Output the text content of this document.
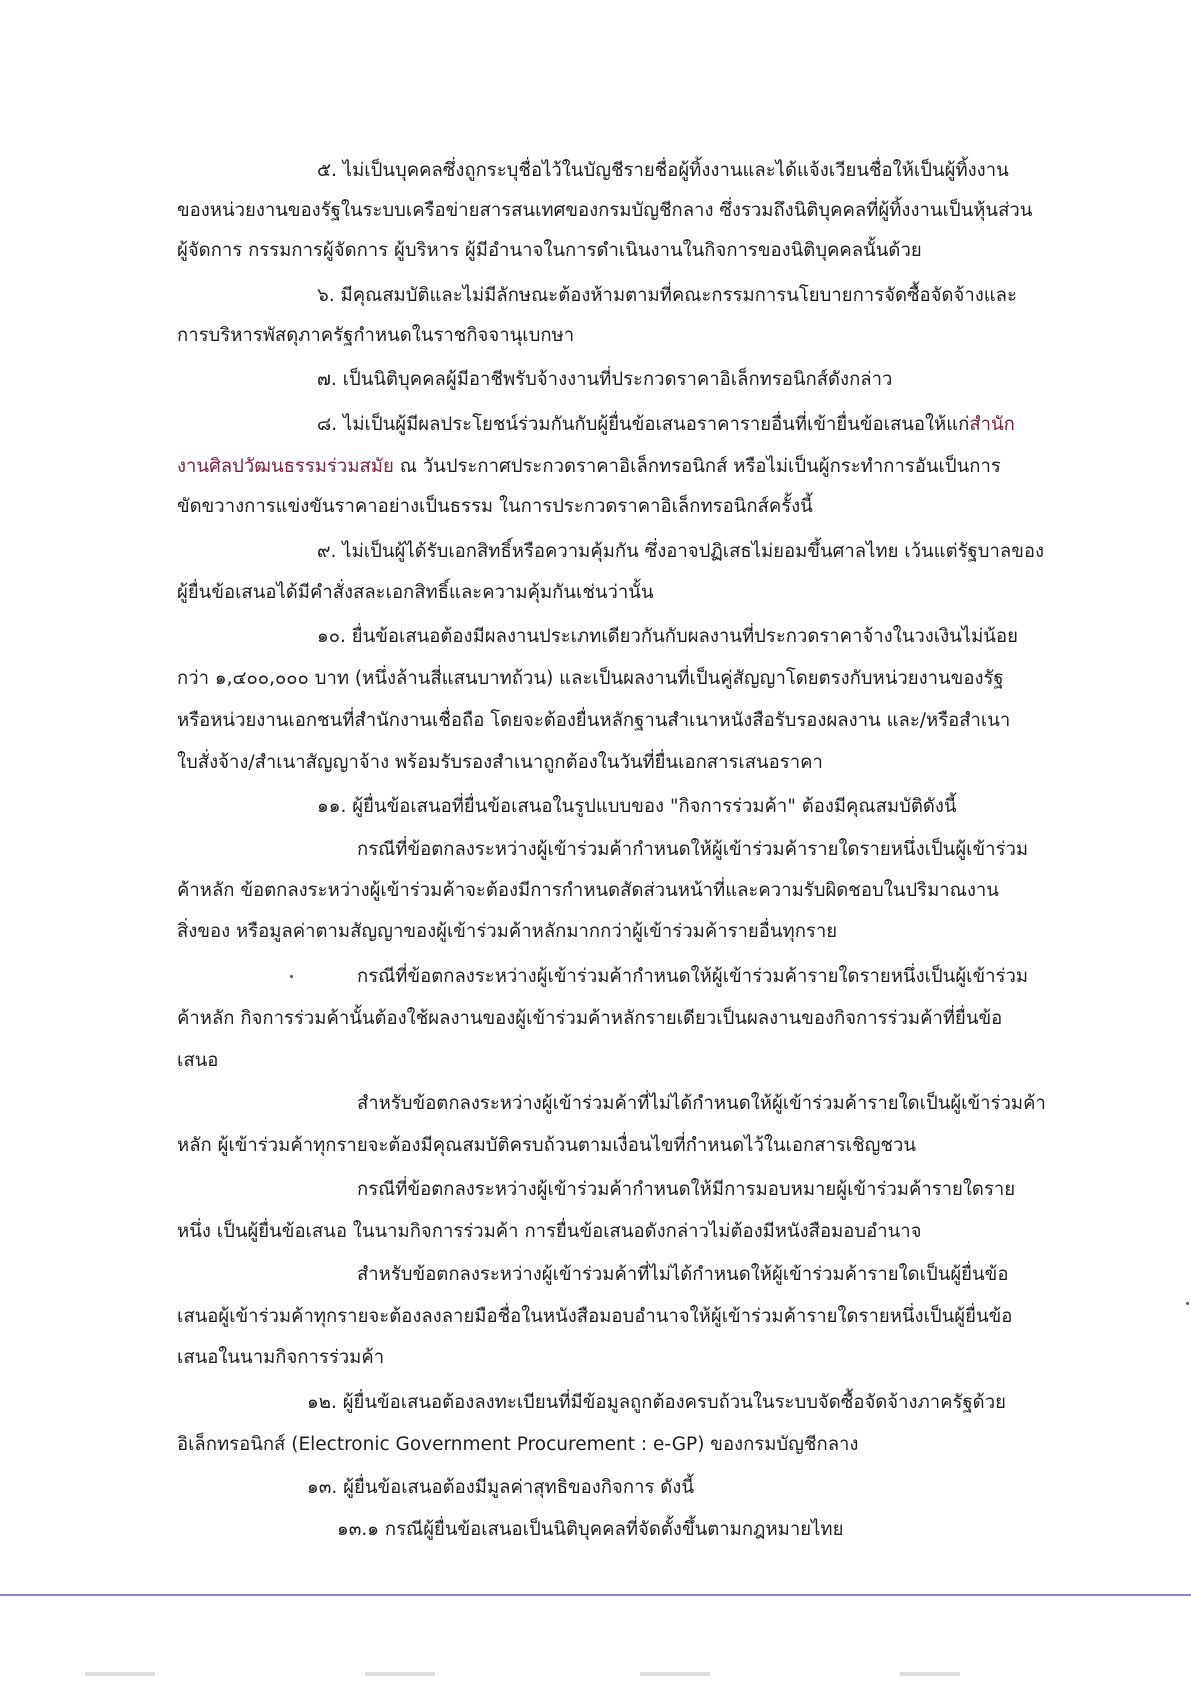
๕. ไม่เป็นบุคคลซึ่งถูกระบุชื่อไว้ในบัญชีรายชื่อผู้ทิ้งงานและได้แจ้งเวียนชื่อให้เป็นผู้ทิ้งงาน
ของหน่วยงานของรัฐในระบบเครือข่ายสารสนเทศของกรมบัญชีกลาง ซึ่งรวมถึงนิติบุคคลที่ผู้ทิ้งงานเป็นหุ้นส่วน
ผู้จัดการ กรรมการผู้จัดการ ผู้บริหาร ผู้มีอำนาจในการดำเนินงานในกิจการของนิติบุคคลนั้นด้วย
๖. มีคุณสมบัติและไม่มีลักษณะต้องห้ามตามที่คณะกรรมการนโยบายการจัดซื้อจัดจ้างและ
การบริหารพัสดุภาครัฐกำหนดในราชกิจจานุเบกษา
๗. เป็นนิติบุคคลผู้มีอาชีพรับจ้างงานที่ประกวดราคาอิเล็กทรอนิกส์ดังกล่าว
๘. ไม่เป็นผู้มีผลประโยชน์ร่วมกันกับผู้ยื่นข้อเสนอราคารายอื่นที่เข้ายื่นข้อเสนอให้แก่สำนัก
งานศิลปวัฒนธรรมร่วมสมัย ณ วันประกาศประกวดราคาอิเล็กทรอนิกส์ หรือไม่เป็นผู้กระทำการอันเป็นการ
ขัดขวางการแข่งขันราคาอย่างเป็นธรรม ในการประกวดราคาอิเล็กทรอนิกส์ครั้งนี้
๙. ไม่เป็นผู้ได้รับเอกสิทธิ์หรือความคุ้มกัน ซึ่งอาจปฏิเสธไม่ยอมขึ้นศาลไทย เว้นแต่รัฐบาลของ
ผู้ยื่นข้อเสนอได้มีคำสั่งสละเอกสิทธิ์และความคุ้มกันเช่นว่านั้น
๑๐. ยื่นข้อเสนอต้องมีผลงานประเภทเดียวกันกับผลงานที่ประกวดราคาจ้างในวงเงินไม่น้อย
กว่า ๑,๔๐๐,๐๐๐ บาท (หนึ่งล้านสี่แสนบาทถ้วน) และเป็นผลงานที่เป็นคู่สัญญาโดยตรงกับหน่วยงานของรัฐ
หรือหน่วยงานเอกชนที่สำนักงานเชื่อถือ โดยจะต้องยื่นหลักฐานสำเนาหนังสือรับรองผลงาน และ/หรือสำเนา
ใบสั่งจ้าง/สำเนาสัญญาจ้าง พร้อมรับรองสำเนาถูกต้องในวันที่ยื่นเอกสารเสนอราคา
๑๑. ผู้ยื่นข้อเสนอที่ยื่นข้อเสนอในรูปแบบของ "กิจการร่วมค้า" ต้องมีคุณสมบัติดังนี้
กรณีที่ข้อตกลงระหว่างผู้เข้าร่วมค้ากำหนดให้ผู้เข้าร่วมค้ารายใดรายหนึ่งเป็นผู้เข้าร่วม
ค้าหลัก ข้อตกลงระหว่างผู้เข้าร่วมค้าจะต้องมีการกำหนดสัดส่วนหน้าที่และความรับผิดชอบในปริมาณงาน
สิ่งของ หรือมูลค่าตามสัญญาของผู้เข้าร่วมค้าหลักมากกว่าผู้เข้าร่วมค้ารายอื่นทุกราย
กรณีที่ข้อตกลงระหว่างผู้เข้าร่วมค้ากำหนดให้ผู้เข้าร่วมค้ารายใดรายหนึ่งเป็นผู้เข้าร่วม
ค้าหลัก กิจการร่วมค้านั้นต้องใช้ผลงานของผู้เข้าร่วมค้าหลักรายเดียวเป็นผลงานของกิจการร่วมค้าที่ยื่นข้อ
เสนอ
สำหรับข้อตกลงระหว่างผู้เข้าร่วมค้าที่ไม่ได้กำหนดให้ผู้เข้าร่วมค้ารายใดเป็นผู้เข้าร่วมค้า
หลัก ผู้เข้าร่วมค้าทุกรายจะต้องมีคุณสมบัติครบถ้วนตามเงื่อนไขที่กำหนดไว้ในเอกสารเชิญชวน
กรณีที่ข้อตกลงระหว่างผู้เข้าร่วมค้ากำหนดให้มีการมอบหมายผู้เข้าร่วมค้ารายใดราย
หนึ่ง เป็นผู้ยื่นข้อเสนอ ในนามกิจการร่วมค้า การยื่นข้อเสนอดังกล่าวไม่ต้องมีหนังสือมอบอำนาจ
สำหรับข้อตกลงระหว่างผู้เข้าร่วมค้าที่ไม่ได้กำหนดให้ผู้เข้าร่วมค้ารายใดเป็นผู้ยื่นข้อ
เสนอผู้เข้าร่วมค้าทุกรายจะต้องลงลายมือชื่อในหนังสือมอบอำนาจให้ผู้เข้าร่วมค้ารายใดรายหนึ่งเป็นผู้ยื่นข้อ
เสนอในนามกิจการร่วมค้า
๑๒. ผู้ยื่นข้อเสนอต้องลงทะเบียนที่มีข้อมูลถูกต้องครบถ้วนในระบบจัดซื้อจัดจ้างภาครัฐด้วย
อิเล็กทรอนิกส์ (Electronic Government Procurement : e-GP) ของกรมบัญชีกลาง
๑๓. ผู้ยื่นข้อเสนอต้องมีมูลค่าสุทธิของกิจการ ดังนี้
๑๓.๑ กรณีผู้ยื่นข้อเสนอเป็นนิติบุคคลที่จัดตั้งขึ้นตามกฎหมายไทย
